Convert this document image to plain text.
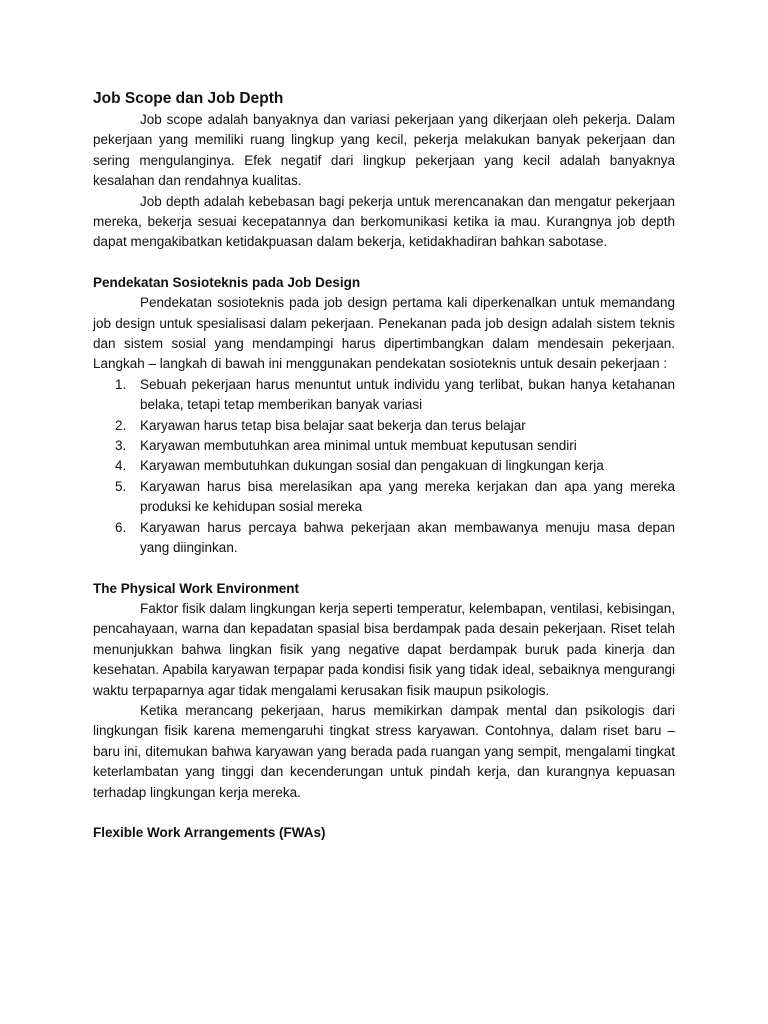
Job Scope dan Job Depth

Job scope adalah banyaknya dan variasi pekerjaan yang dikerjaan oleh pekerja. Dalam pekerjaan yang memiliki ruang lingkup yang kecil, pekerja melakukan banyak pekerjaan dan sering mengulanginya. Efek negatif dari lingkup pekerjaan yang kecil adalah banyaknya kesalahan dan rendahnya kualitas.

Job depth adalah kebebasan bagi pekerja untuk merencanakan dan mengatur pekerjaan mereka, bekerja sesuai kecepatannya dan berkomunikasi ketika ia mau. Kurangnya job depth dapat mengakibatkan ketidakpuasan dalam bekerja, ketidakhadiran bahkan sabotase.

Pendekatan Sosioteknis pada Job Design

Pendekatan sosioteknis pada job design pertama kali diperkenalkan untuk memandang job design untuk spesialisasi dalam pekerjaan. Penekanan pada job design adalah sistem teknis dan sistem sosial yang mendampingi harus dipertimbangkan dalam mendesain pekerjaan. Langkah – langkah di bawah ini menggunakan pendekatan sosioteknis untuk desain pekerjaan :

1. Sebuah pekerjaan harus menuntut untuk individu yang terlibat, bukan hanya ketahanan belaka, tetapi tetap memberikan banyak variasi
2. Karyawan harus tetap bisa belajar saat bekerja dan terus belajar
3. Karyawan membutuhkan area minimal untuk membuat keputusan sendiri
4. Karyawan membutuhkan dukungan sosial dan pengakuan di lingkungan kerja
5. Karyawan harus bisa merelasikan apa yang mereka kerjakan dan apa yang mereka produksi ke kehidupan sosial mereka
6. Karyawan harus percaya bahwa pekerjaan akan membawanya menuju masa depan yang diinginkan.
The Physical Work Environment

Faktor fisik dalam lingkungan kerja seperti temperatur, kelembapan, ventilasi, kebisingan, pencahayaan, warna dan kepadatan spasial bisa berdampak pada desain pekerjaan. Riset telah menunjukkan bahwa lingkan fisik yang negative dapat berdampak buruk pada kinerja dan kesehatan. Apabila karyawan terpapar pada kondisi fisik yang tidak ideal, sebaiknya mengurangi waktu terpaparnya agar tidak mengalami kerusakan fisik maupun psikologis.

Ketika merancang pekerjaan, harus memikirkan dampak mental dan psikologis dari lingkungan fisik karena memengaruhi tingkat stress karyawan. Contohnya, dalam riset baru – baru ini, ditemukan bahwa karyawan yang berada pada ruangan yang sempit, mengalami tingkat keterlambatan yang tinggi dan kecenderungan untuk pindah kerja, dan kurangnya kepuasan terhadap lingkungan kerja mereka.

Flexible Work Arrangements (FWAs)
